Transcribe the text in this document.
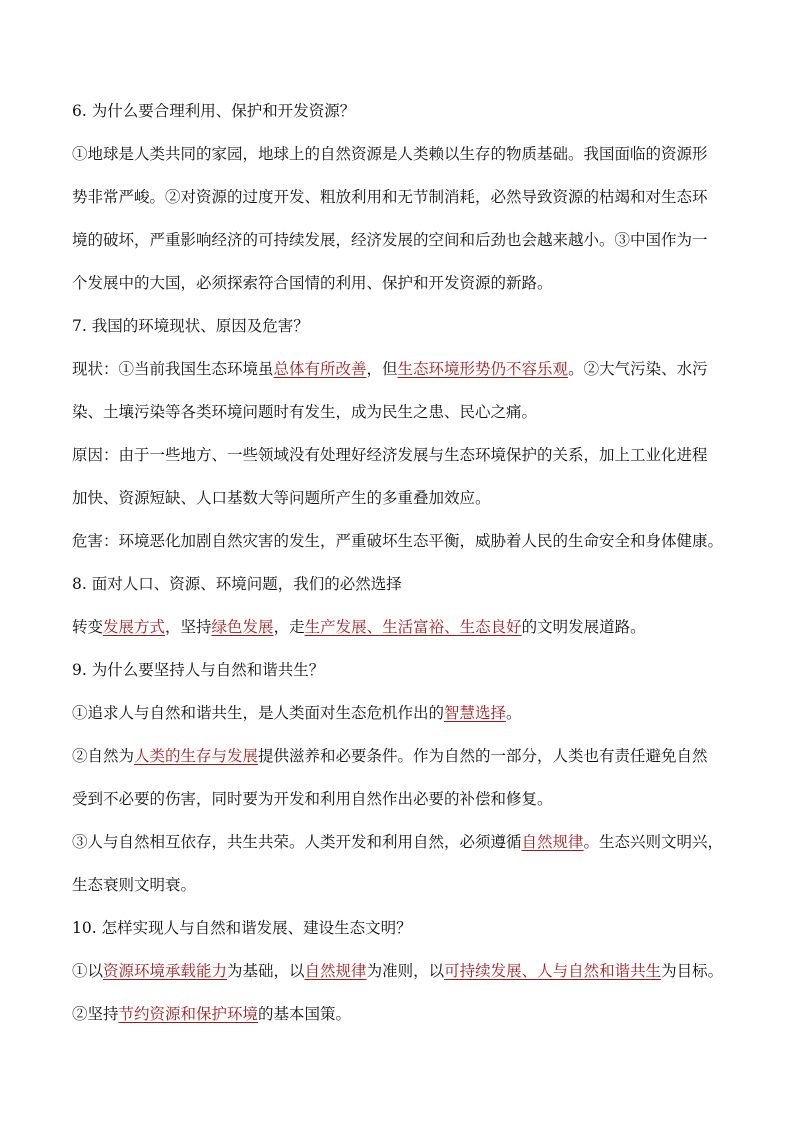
6. 为什么要合理利用、保护和开发资源？

①地球是人类共同的家园，地球上的自然资源是人类赖以生存的物质基础。我国面临的资源形

势非常严峻。②对资源的过度开发、粗放利用和无节制消耗，必然导致资源的枯竭和对生态环

境的破坏，严重影响经济的可持续发展，经济发展的空间和后劲也会越来越小。③中国作为一

个发展中的大国，必须探索符合国情的利用、保护和开发资源的新路。

7. 我国的环境现状、原因及危害？

现状：①当前我国生态环境虽总体有所改善，但生态环境形势仍不容乐观。②大气污染、水污

染、土壤污染等各类环境问题时有发生，成为民生之患、民心之痛。

原因：由于一些地方、一些领域没有处理好经济发展与生态环境保护的关系，加上工业化进程

加快、资源短缺、人口基数大等问题所产生的多重叠加效应。

危害：环境恶化加剧自然灾害的发生，严重破坏生态平衡，威胁着人民的生命安全和身体健康。

8. 面对人口、资源、环境问题，我们的必然选择

转变发展方式，坚持绿色发展，走生产发展、生活富裕、生态良好的文明发展道路。

9. 为什么要坚持人与自然和谐共生？

①追求人与自然和谐共生，是人类面对生态危机作出的智慧选择。

②自然为人类的生存与发展提供滋养和必要条件。作为自然的一部分，人类也有责任避免自然

受到不必要的伤害，同时要为开发和利用自然作出必要的补偿和修复。

③人与自然相互依存，共生共荣。人类开发和利用自然，必须遵循自然规律。生态兴则文明兴，

生态衰则文明衰。

10. 怎样实现人与自然和谐发展、建设生态文明？

①以资源环境承载能力为基础，以自然规律为准则，以可持续发展、人与自然和谐共生为目标。

②坚持节约资源和保护环境的基本国策。
